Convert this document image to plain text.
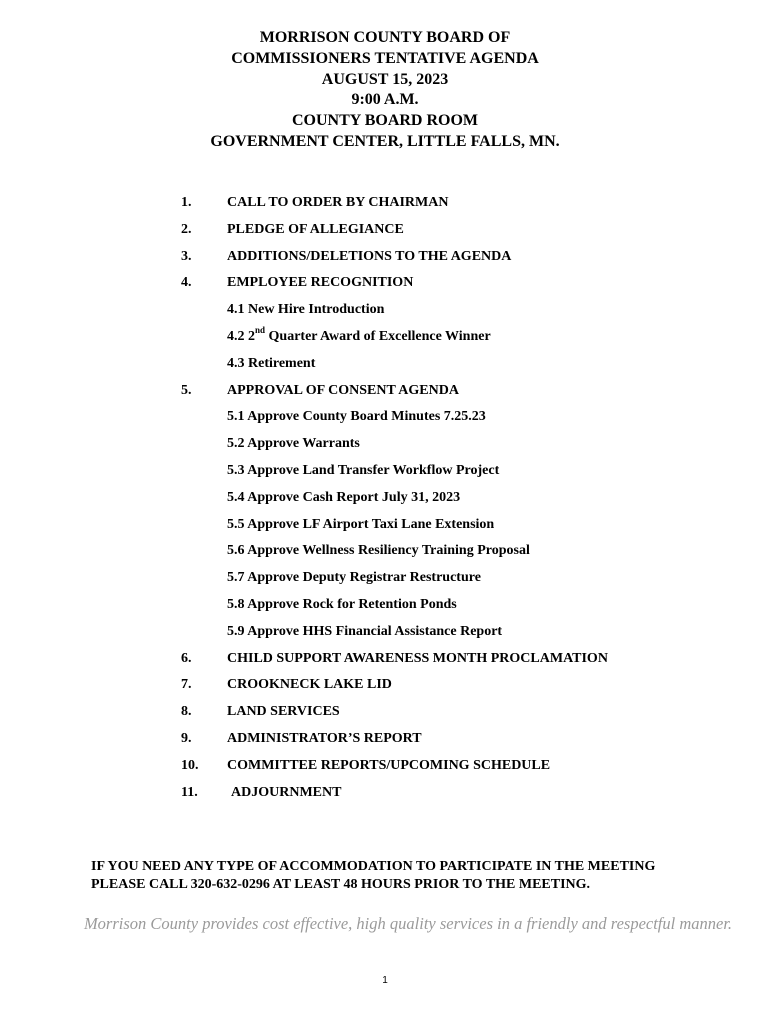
MORRISON COUNTY BOARD OF
COMMISSIONERS TENTATIVE AGENDA
AUGUST 15, 2023
9:00 A.M.
COUNTY BOARD ROOM
GOVERNMENT CENTER, LITTLE FALLS, MN.
1.	CALL TO ORDER BY CHAIRMAN
2.	PLEDGE OF ALLEGIANCE
3.	ADDITIONS/DELETIONS TO THE AGENDA
4.	EMPLOYEE RECOGNITION
4.1 New Hire Introduction
4.2 2nd Quarter Award of Excellence Winner
4.3 Retirement
5.	APPROVAL OF CONSENT AGENDA
5.1 Approve County Board Minutes 7.25.23
5.2 Approve Warrants
5.3 Approve Land Transfer Workflow Project
5.4 Approve Cash Report July 31, 2023
5.5 Approve LF Airport Taxi Lane Extension
5.6 Approve Wellness Resiliency Training Proposal
5.7 Approve Deputy Registrar Restructure
5.8 Approve Rock for Retention Ponds
5.9 Approve HHS Financial Assistance Report
6.	CHILD SUPPORT AWARENESS MONTH PROCLAMATION
7.	CROOKNECK LAKE LID
8.	LAND SERVICES
9.	ADMINISTRATOR’S REPORT
10. COMMITTEE REPORTS/UPCOMING SCHEDULE
11. ADJOURNMENT
IF YOU NEED ANY TYPE OF ACCOMMODATION TO PARTICIPATE IN THE MEETING
PLEASE CALL 320-632-0296 AT LEAST 48 HOURS PRIOR TO THE MEETING.
Morrison County provides cost effective, high quality services in a friendly and respectful manner.
1
